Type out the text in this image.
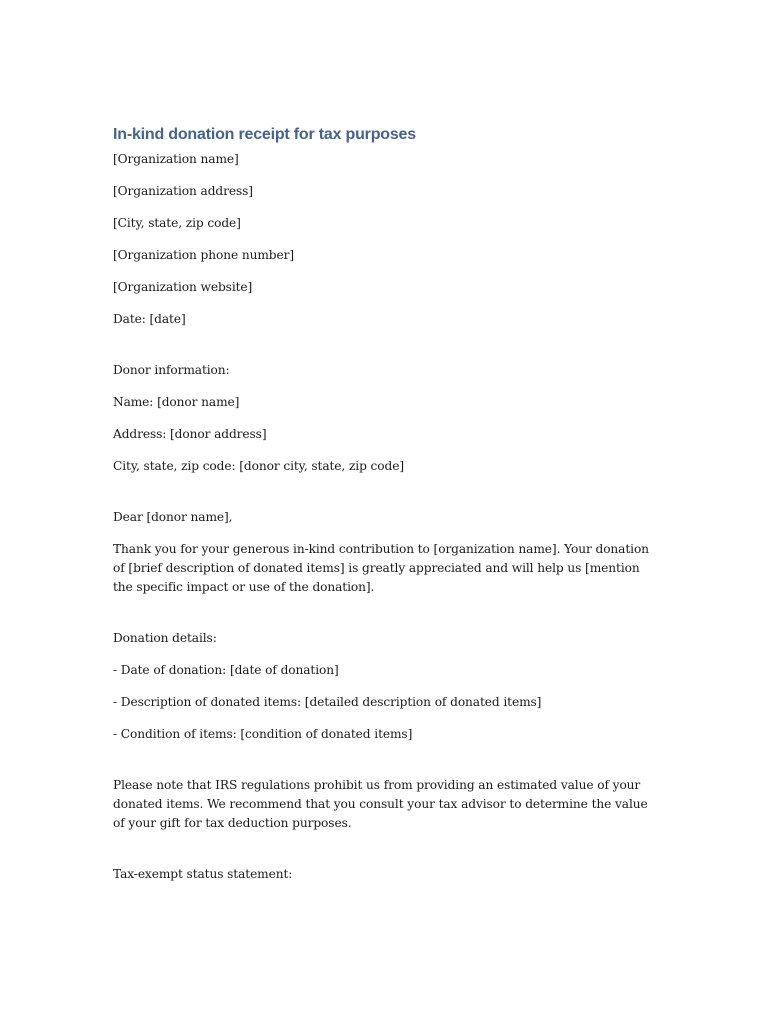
In-kind donation receipt for tax purposes
[Organization name]
[Organization address]
[City, state, zip code]
[Organization phone number]
[Organization website]
Date: [date]
Donor information:
Name: [donor name]
Address: [donor address]
City, state, zip code: [donor city, state, zip code]
Dear [donor name],
Thank you for your generous in-kind contribution to [organization name]. Your donation of [brief description of donated items] is greatly appreciated and will help us [mention the specific impact or use of the donation].
Donation details:
- Date of donation: [date of donation]
- Description of donated items: [detailed description of donated items]
- Condition of items: [condition of donated items]
Please note that IRS regulations prohibit us from providing an estimated value of your donated items. We recommend that you consult your tax advisor to determine the value of your gift for tax deduction purposes.
Tax-exempt status statement:
